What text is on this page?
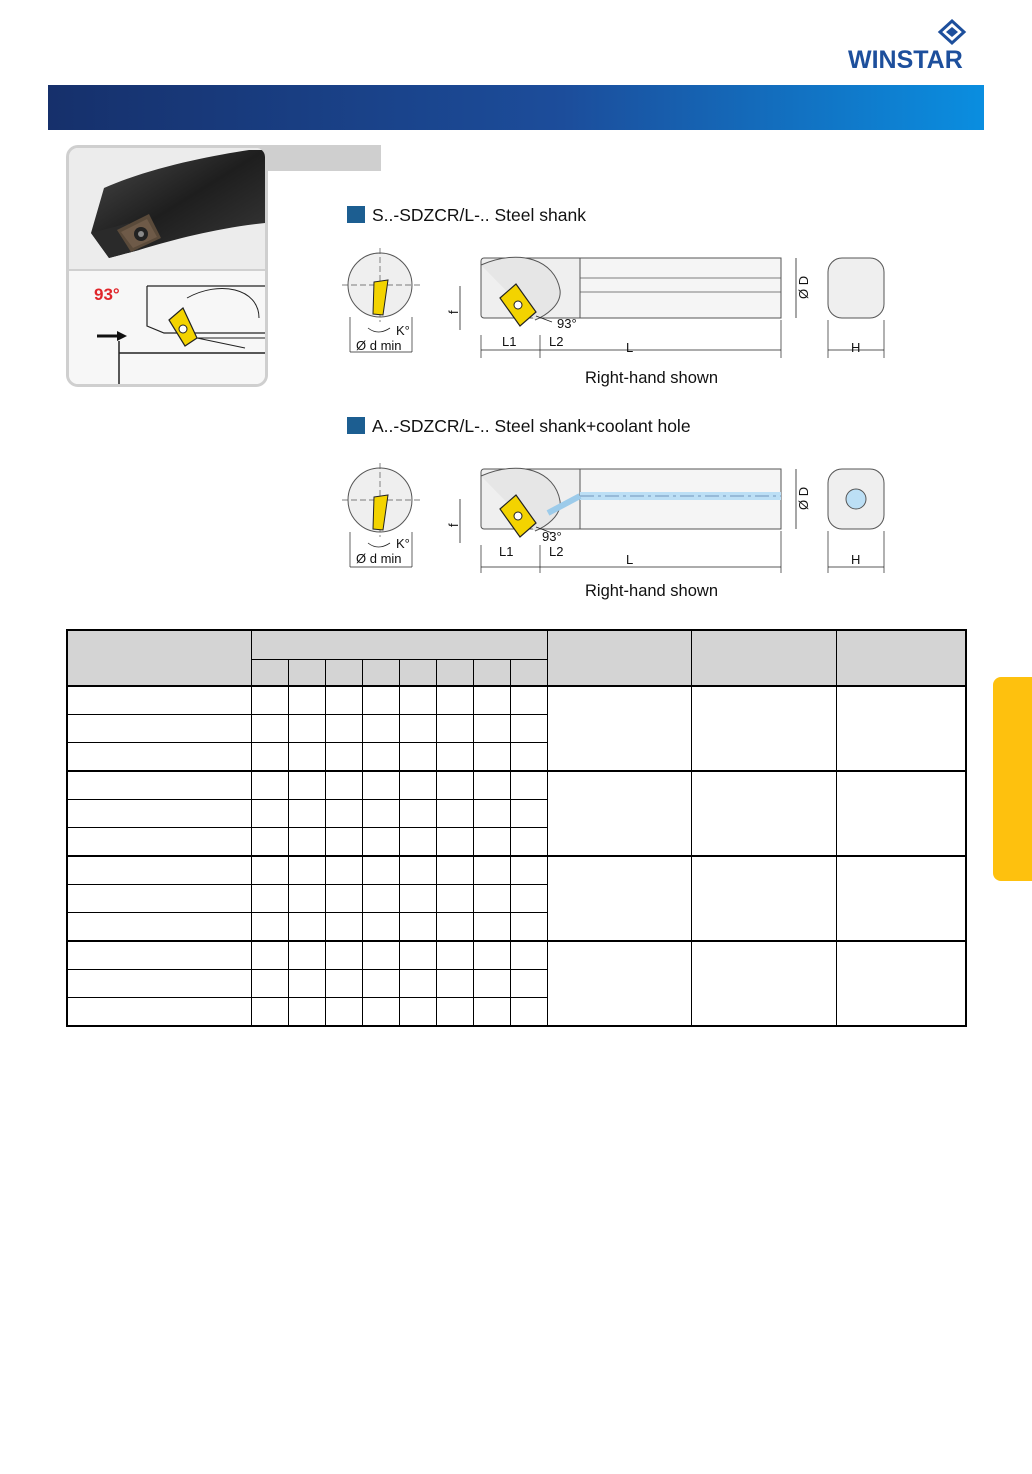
WINSTAR
93°
S..-SDZCR/L-.. Steel shank
K°
Ø d min
93°
f
L1	L2	L
Ø D
H
Right-hand shown
A..-SDZCR/L-.. Steel shank+coolant hole
K°
Ø d min
93°
f
L1	L2
L
Ø D
H
Right-hand shown
